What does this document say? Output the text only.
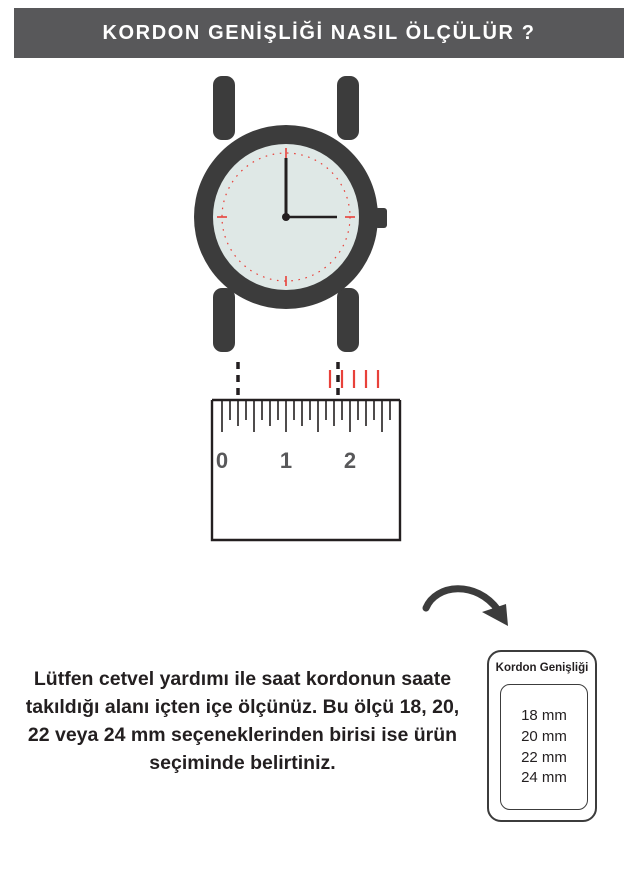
KORDON GENİŞLİĞİ NASIL ÖLÇÜLÜR ?
0 1 2

Lütfen cetvel yardımı ile saat kordonun saate takıldığı alanı içten içe ölçünüz. Bu ölçü 18, 20, 22 veya 24 mm seçeneklerinden birisi ise ürün seçiminde belirtiniz.

Kordon Genişliği
18 mm
20 mm
22 mm
24 mm
